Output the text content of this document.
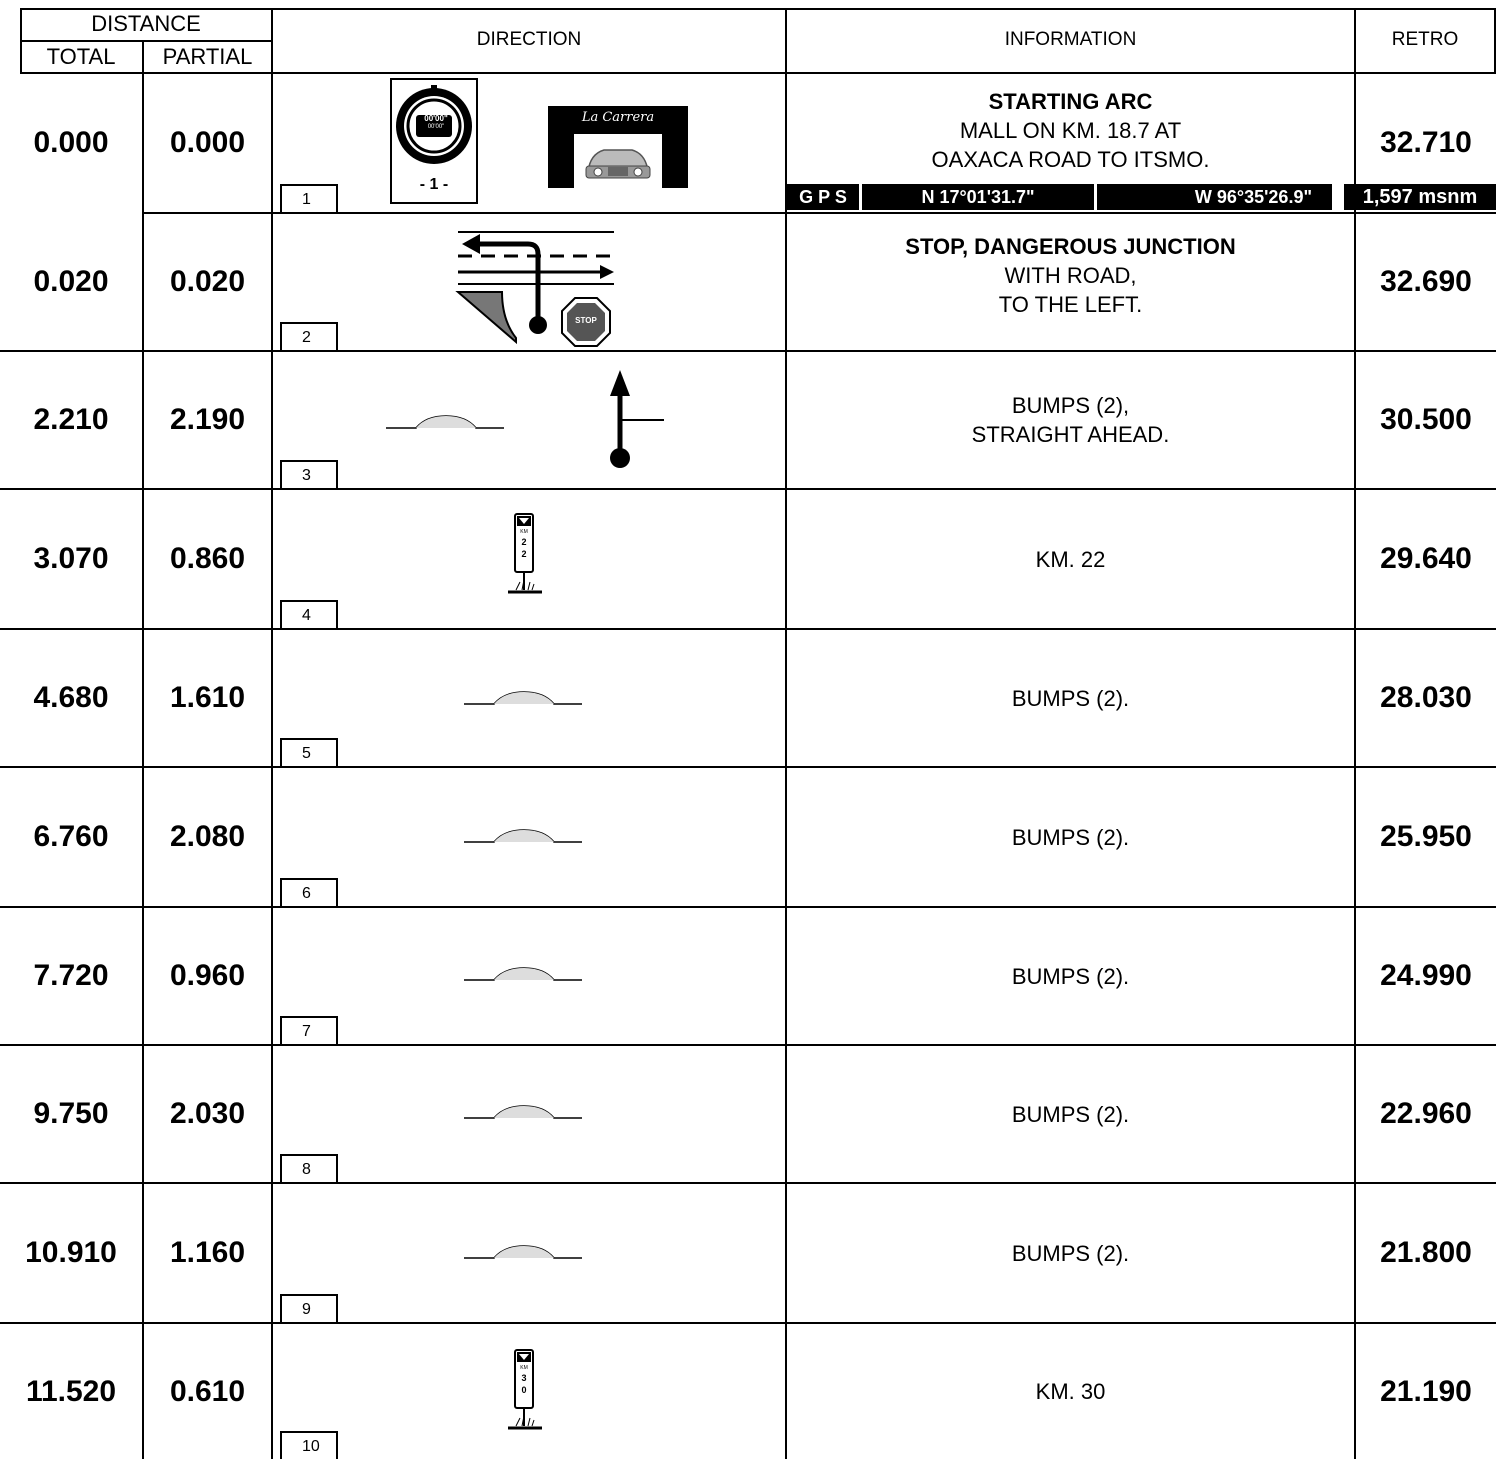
DISTANCE
TOTAL	PARTIAL
DIRECTION	INFORMATION	RETRO
0.000	0.000
STARTING ARC
MALL ON KM. 18.7 AT
OAXACA ROAD TO ITSMO.	32.710
1	G P S	N 17°01'31.7"	W 96°35'26.9"	1,597 msnm
00'00"
00'00"
- 1 -
La Carrera
0.020	0.020
STOP, DANGEROUS JUNCTION
WITH ROAD,
TO THE LEFT.
32.690
2
STOP
2.210	2.190	BUMPS (2),
STRAIGHT AHEAD.	30.500
3
3.070	0.860	KM. 22	29.640
4
KM
2
2
4.680	1.610	BUMPS (2).	28.030
5
6.760	2.080	BUMPS (2).	25.950
6
7.720	0.960	BUMPS (2).	24.990
7
9.750	2.030	BUMPS (2).	22.960
8
10.910	1.160	BUMPS (2).	21.800
9
11.520	0.610	KM. 30	21.190
10
KM
3
0
